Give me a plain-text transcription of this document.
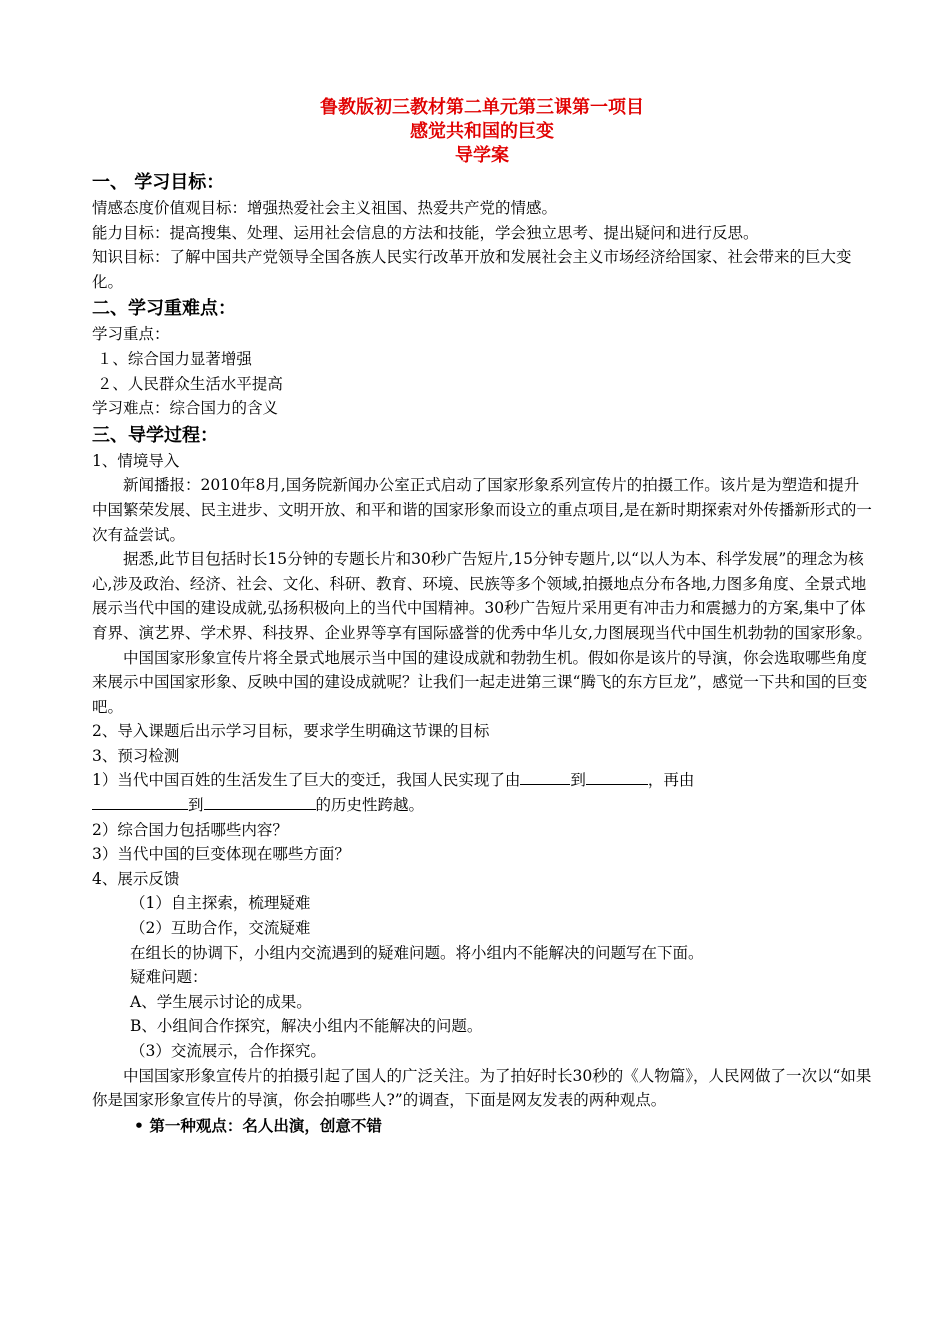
鲁教版初三教材第二单元第三课第一项目
感觉共和国的巨变
导学案
一、 学习目标：

情感态度价值观目标：增强热爱社会主义祖国、热爱共产党的情感。

能力目标：提高搜集、处理、运用社会信息的方法和技能，学会独立思考、提出疑问和进行反思。

知识目标：了解中国共产党领导全国各族人民实行改革开放和发展社会主义市场经济给国家、社会带来的巨大变化。

二、学习重难点：

学习重点：

１、综合国力显著增强

２、人民群众生活水平提高

学习难点：综合国力的含义

三、导学过程：

1、情境导入

新闻播报：2010年8月,国务院新闻办公室正式启动了国家形象系列宣传片的拍摄工作。该片是为塑造和提升中国繁荣发展、民主进步、文明开放、和平和谐的国家形象而设立的重点项目,是在新时期探索对外传播新形式的一次有益尝试。

据悉,此节目包括时长15分钟的专题长片和30秒广告短片,15分钟专题片,以“以人为本、科学发展”的理念为核心,涉及政治、经济、社会、文化、科研、教育、环境、民族等多个领域,拍摄地点分布各地,力图多角度、全景式地展示当代中国的建设成就,弘扬积极向上的当代中国精神。30秒广告短片采用更有冲击力和震撼力的方案,集中了体育界、演艺界、学术界、科技界、企业界等享有国际盛誉的优秀中华儿女,力图展现当代中国生机勃勃的国家形象。

中国国家形象宣传片将全景式地展示当中国的建设成就和勃勃生机。假如你是该片的导演，你会选取哪些角度来展示中国国家形象、反映中国的建设成就呢？让我们一起走进第三课“腾飞的东方巨龙”，感觉一下共和国的巨变吧。

2、导入课题后出示学习目标，要求学生明确这节课的目标

3、预习检测

1）当代中国百姓的生活发生了巨大的变迁，我国人民实现了由	到	，再由
到	的历史性跨越。

2）综合国力包括哪些内容？

3）当代中国的巨变体现在哪些方面？

4、展示反馈

（1）自主探索，梳理疑难

（2）互助合作，交流疑难

在组长的协调下，小组内交流遇到的疑难问题。将小组内不能解决的问题写在下面。

疑难问题：

A、学生展示讨论的成果。

B、小组间合作探究，解决小组内不能解决的问题。

（3）交流展示，合作探究。

中国国家形象宣传片的拍摄引起了国人的广泛关注。为了拍好时长30秒的《人物篇》，人民网做了一次以“如果你是国家形象宣传片的导演，你会拍哪些人?”的调查，下面是网友发表的两种观点。

• 第一种观点：名人出演，创意不错
